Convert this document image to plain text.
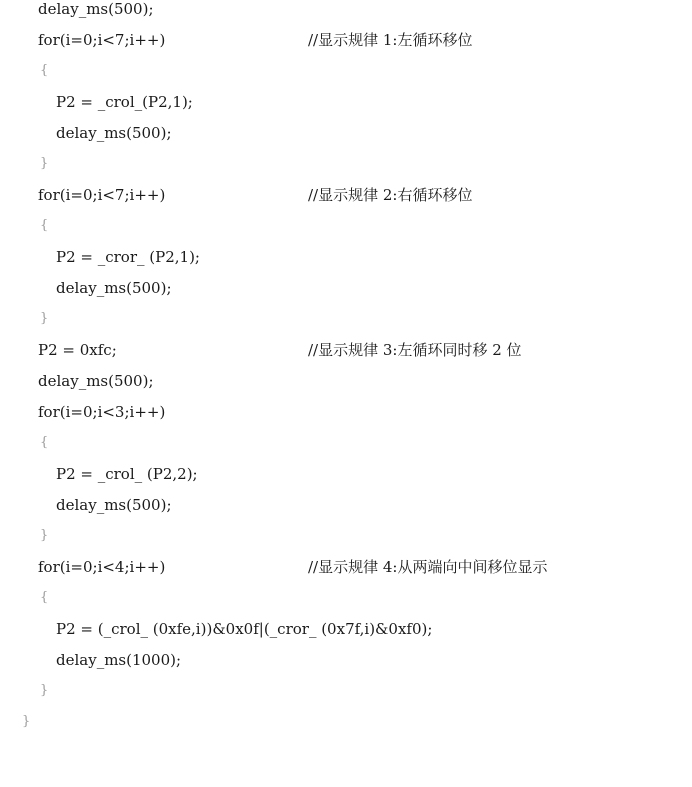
delay_ms(500);

for(i=0;i<7;i++)

	//显示规律 1:左循环移位

{

P2 = _crol_(P2,1);

delay_ms(500);

}

for(i=0;i<7;i++)

	//显示规律 2:右循环移位

{

P2 = _cror_ (P2,1);

delay_ms(500);

}

P2 = 0xfc;

	//显示规律 3:左循环同时移 2 位

delay_ms(500);

for(i=0;i<3;i++)

{

P2 = _crol_ (P2,2);

delay_ms(500);

}

for(i=0;i<4;i++)

	//显示规律 4:从两端向中间移位显示

{

P2 = (_crol_ (0xfe,i))&0x0f|(_cror_ (0x7f,i)&0xf0);

delay_ms(1000);

}

}
